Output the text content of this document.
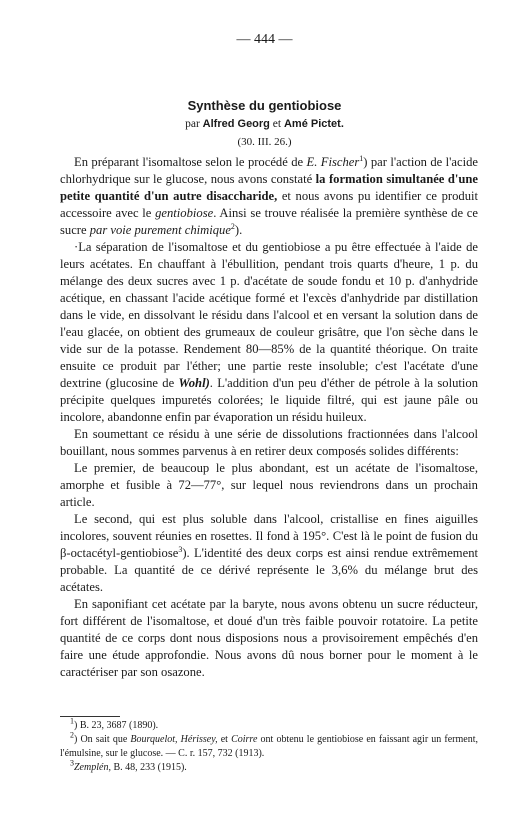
— 444 —
Synthèse du gentiobiose
par Alfred Georg et Amé Pictet.
(30. III. 26.)

En préparant l'isomaltose selon le procédé de E. Fischer$^1$) par l'action de l'acide chlorhydrique sur le glucose, nous avons constaté la formation simultanée d'une petite quantité d'un autre disaccharide, et nous avons pu identifier ce produit accessoire avec le gentiobiose. Ainsi se trouve réalisée la première synthèse de ce sucre par voie purement chimique$^2$).

·La séparation de l'isomaltose et du gentiobiose a pu être effectuée à l'aide de leurs acétates. En chauffant à l'ébullition, pendant trois quarts d'heure, 1 p. du mélange des deux sucres avec 1 p. d'acétate de soude fondu et 10 p. d'anhydride acétique, en chassant l'acide acétique formé et l'excès d'anhydride par distillation dans le vide, en dissolvant le résidu dans l'alcool et en versant la solution dans de l'eau glacée, on obtient des grumeaux de couleur grisâtre, que l'on sèche dans le vide sur de la potasse. Rendement 80—85% de la quantité théorique. On traite ensuite ce produit par l'éther; une partie reste insoluble; c'est l'acétate d'une dextrine (glucosine de Wohl). L'addition d'un peu d'éther de pétrole à la solution précipite quelques impuretés colorées; le liquide filtré, qui est jaune pâle ou incolore, abandonne enfin par évaporation un résidu huileux.

En soumettant ce résidu à une série de dissolutions fractionnées dans l'alcool bouillant, nous sommes parvenus à en retirer deux composés solides différents:

Le premier, de beaucoup le plus abondant, est un acétate de l'isomaltose, amorphe et fusible à 72—77°, sur lequel nous reviendrons dans un prochain article.

Le second, qui est plus soluble dans l'alcool, cristallise en fines aiguilles incolores, souvent réunies en rosettes. Il fond à 195°. C'est là le point de fusion du β-octacétyl-gentiobiose$^3$). L'identité des deux corps est ainsi rendue extrêmement probable. La quantité de ce dérivé représente le 3,6% du mélange brut des acétates.

En saponifiant cet acétate par la baryte, nous avons obtenu un sucre réducteur, fort différent de l'isomaltose, et doué d'un très faible pouvoir rotatoire. La petite quantité de ce corps dont nous disposions nous a provisoirement empêchés d'en faire une étude approfondie. Nous avons dû nous borner pour le moment à le caractériser par son osazone.

$^1$) B. 23, 3687 (1890).

$^2$) On sait que Bourquelot, Hérissey, et Coirre ont obtenu le gentiobiose en faissant agir un ferment, l'émulsine, sur le glucose. — C. r. 157, 732 (1913).

$^3$Zemplén, B. 48, 233 (1915).
